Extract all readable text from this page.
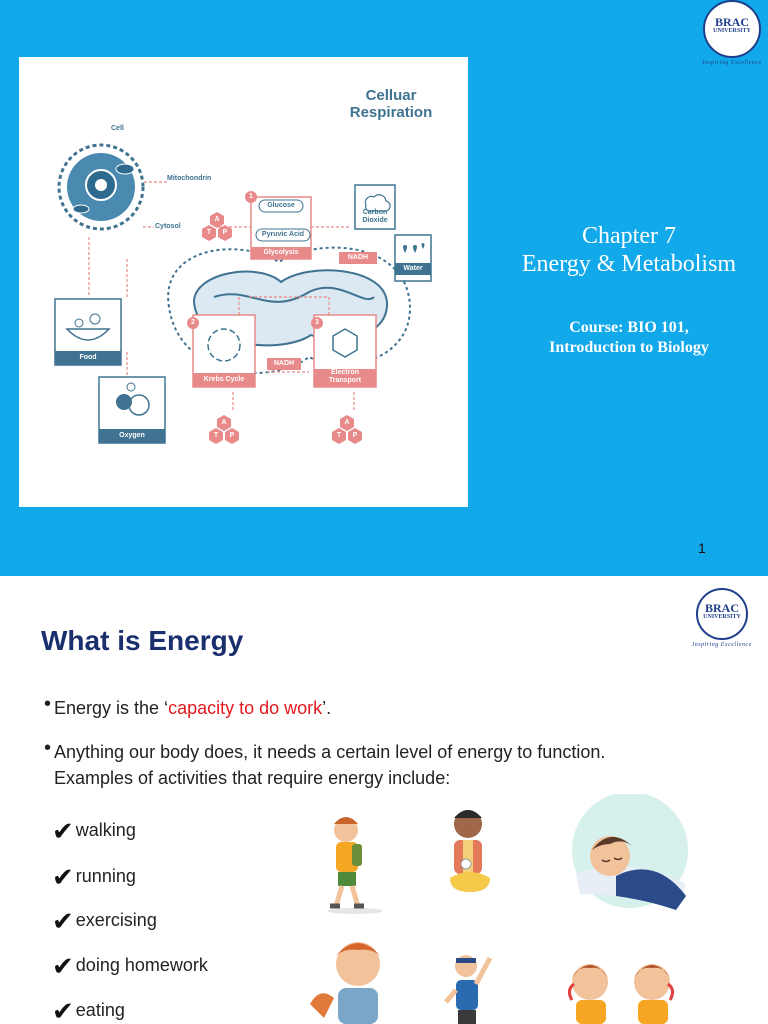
Celluar Respiration
Cell
Mitochondrin
Cytosol
Glucose
Pyruvic Acid
Glycolysis
Carbon Dioxide
NADH
Water
Food
Oxygen
Krebs Cycle
NADH
Electron Transport
1
2	3
A
T	P
A
T	P
A
T	P
BRAC
UNIVERSITY
Inspiring Excellence
Chapter 7
Energy & Metabolism
Course: BIO 101,
Introduction to Biology
1
BRAC
UNIVERSITY
Inspiring Excellence
What is Energy
• Energy is the ‘capacity to do work’.
• Anything our body does, it needs a certain level of energy to function.
Examples of activities that require energy include:
✔ walking
✔ running
✔ exercising
✔ doing homework
✔ eating
